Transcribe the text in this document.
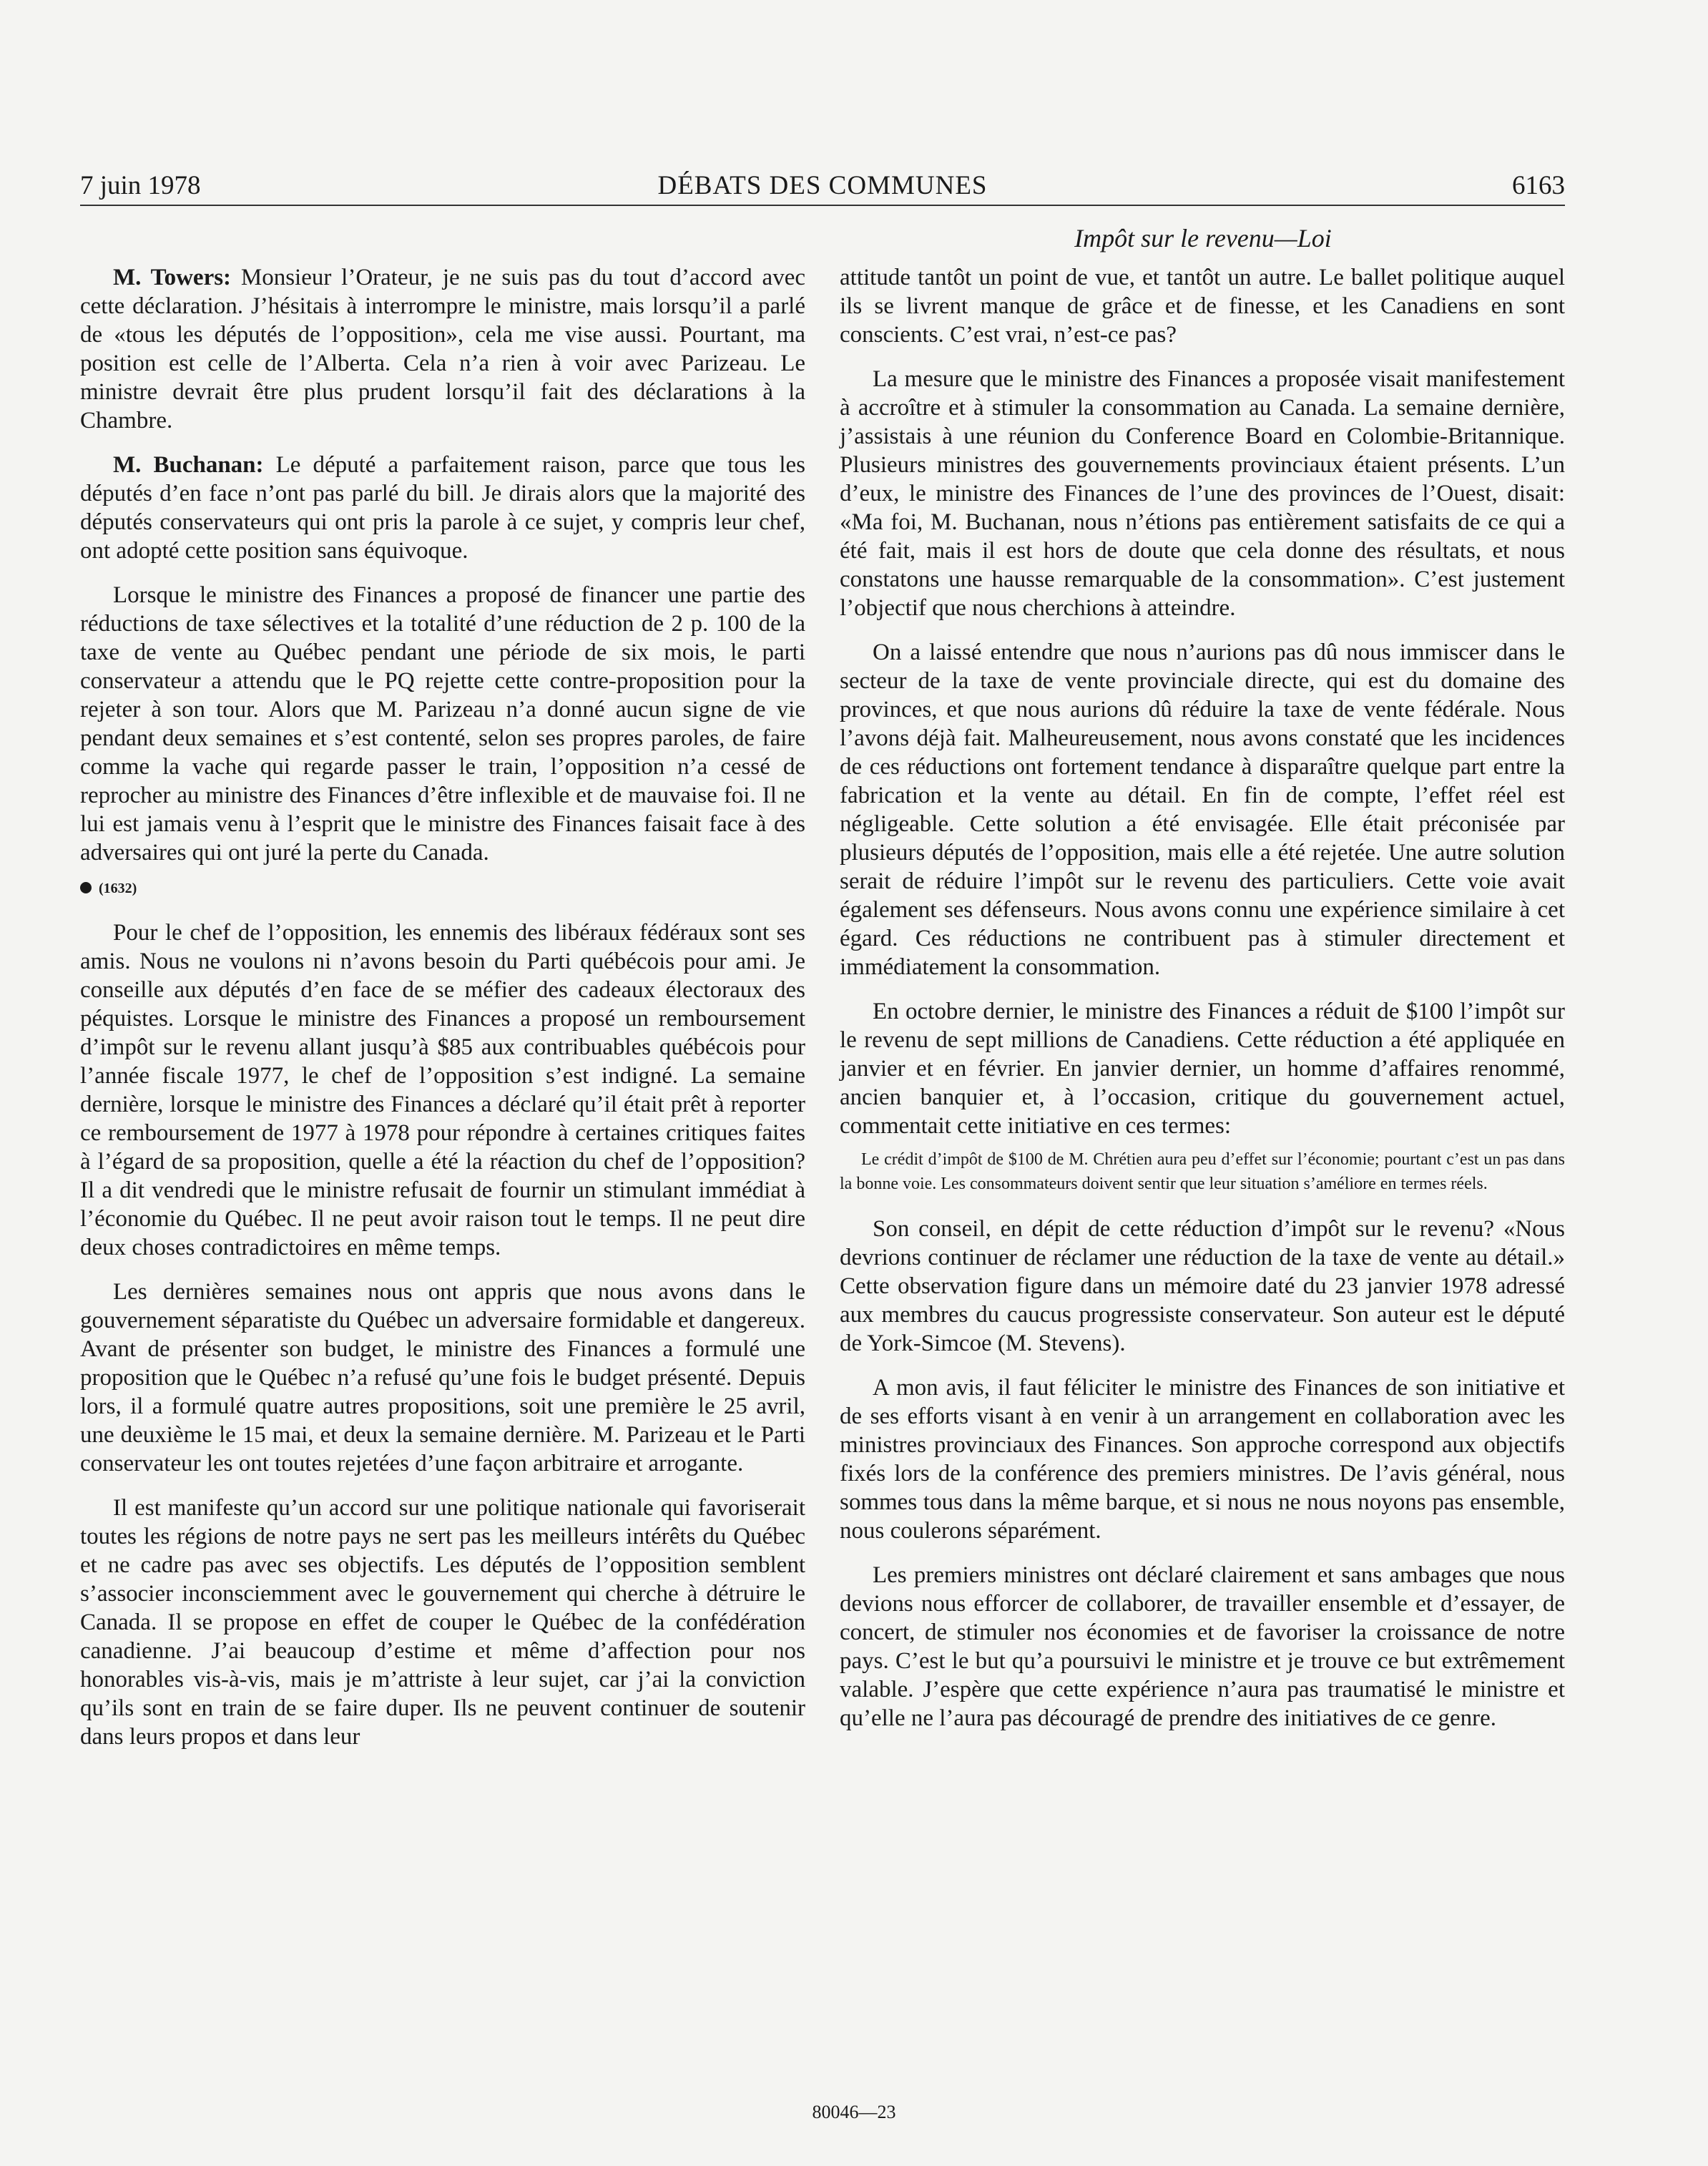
7 juin 1978	DÉBATS DES COMMUNES	6163
Impôt sur le revenu—Loi

M. Towers: Monsieur l’Orateur, je ne suis pas du tout d’accord avec cette déclaration. J’hésitais à interrompre le ministre, mais lorsqu’il a parlé de «tous les députés de l’opposition», cela me vise aussi. Pourtant, ma position est celle de l’Alberta. Cela n’a rien à voir avec Parizeau. Le ministre devrait être plus prudent lorsqu’il fait des déclarations à la Chambre.

M. Buchanan: Le député a parfaitement raison, parce que tous les députés d’en face n’ont pas parlé du bill. Je dirais alors que la majorité des députés conservateurs qui ont pris la parole à ce sujet, y compris leur chef, ont adopté cette position sans équivoque.

Lorsque le ministre des Finances a proposé de financer une partie des réductions de taxe sélectives et la totalité d’une réduction de 2 p. 100 de la taxe de vente au Québec pendant une période de six mois, le parti conservateur a attendu que le PQ rejette cette contre-proposition pour la rejeter à son tour. Alors que M. Parizeau n’a donné aucun signe de vie pendant deux semaines et s’est contenté, selon ses propres paroles, de faire comme la vache qui regarde passer le train, l’opposition n’a cessé de reprocher au ministre des Finances d’être inflexible et de mauvaise foi. Il ne lui est jamais venu à l’esprit que le ministre des Finances faisait face à des adversaires qui ont juré la perte du Canada.

(1632)

Pour le chef de l’opposition, les ennemis des libéraux fédéraux sont ses amis. Nous ne voulons ni n’avons besoin du Parti québécois pour ami. Je conseille aux députés d’en face de se méfier des cadeaux électoraux des péquistes. Lorsque le ministre des Finances a proposé un remboursement d’impôt sur le revenu allant jusqu’à $85 aux contribuables québécois pour l’année fiscale 1977, le chef de l’opposition s’est indigné. La semaine dernière, lorsque le ministre des Finances a déclaré qu’il était prêt à reporter ce remboursement de 1977 à 1978 pour répondre à certaines critiques faites à l’égard de sa proposition, quelle a été la réaction du chef de l’opposition? Il a dit vendredi que le ministre refusait de fournir un stimulant immédiat à l’économie du Québec. Il ne peut avoir raison tout le temps. Il ne peut dire deux choses contradictoires en même temps.

Les dernières semaines nous ont appris que nous avons dans le gouvernement séparatiste du Québec un adversaire formidable et dangereux. Avant de présenter son budget, le ministre des Finances a formulé une proposition que le Québec n’a refusé qu’une fois le budget présenté. Depuis lors, il a formulé quatre autres propositions, soit une première le 25 avril, une deuxième le 15 mai, et deux la semaine dernière. M. Parizeau et le Parti conservateur les ont toutes rejetées d’une façon arbitraire et arrogante.

Il est manifeste qu’un accord sur une politique nationale qui favoriserait toutes les régions de notre pays ne sert pas les meilleurs intérêts du Québec et ne cadre pas avec ses objectifs. Les députés de l’opposition semblent s’associer inconsciemment avec le gouvernement qui cherche à détruire le Canada. Il se propose en effet de couper le Québec de la confédération canadienne. J’ai beaucoup d’estime et même d’affection pour nos honorables vis-à-vis, mais je m’attriste à leur sujet, car j’ai la conviction qu’ils sont en train de se faire duper. Ils ne peuvent continuer de soutenir dans leurs propos et dans leur

attitude tantôt un point de vue, et tantôt un autre. Le ballet politique auquel ils se livrent manque de grâce et de finesse, et les Canadiens en sont conscients. C’est vrai, n’est-ce pas?

La mesure que le ministre des Finances a proposée visait manifestement à accroître et à stimuler la consommation au Canada. La semaine dernière, j’assistais à une réunion du Conference Board en Colombie-Britannique. Plusieurs ministres des gouvernements provinciaux étaient présents. L’un d’eux, le ministre des Finances de l’une des provinces de l’Ouest, disait: «Ma foi, M. Buchanan, nous n’étions pas entièrement satisfaits de ce qui a été fait, mais il est hors de doute que cela donne des résultats, et nous constatons une hausse remarquable de la consommation». C’est justement l’objectif que nous cherchions à atteindre.

On a laissé entendre que nous n’aurions pas dû nous immiscer dans le secteur de la taxe de vente provinciale directe, qui est du domaine des provinces, et que nous aurions dû réduire la taxe de vente fédérale. Nous l’avons déjà fait. Malheureusement, nous avons constaté que les incidences de ces réductions ont fortement tendance à disparaître quelque part entre la fabrication et la vente au détail. En fin de compte, l’effet réel est négligeable. Cette solution a été envisagée. Elle était préconisée par plusieurs députés de l’opposition, mais elle a été rejetée. Une autre solution serait de réduire l’impôt sur le revenu des particuliers. Cette voie avait également ses défenseurs. Nous avons connu une expérience similaire à cet égard. Ces réductions ne contribuent pas à stimuler directement et immédiatement la consommation.

En octobre dernier, le ministre des Finances a réduit de $100 l’impôt sur le revenu de sept millions de Canadiens. Cette réduction a été appliquée en janvier et en février. En janvier dernier, un homme d’affaires renommé, ancien banquier et, à l’occasion, critique du gouvernement actuel, commentait cette initiative en ces termes:

Le crédit d’impôt de $100 de M. Chrétien aura peu d’effet sur l’économie; pourtant c’est un pas dans la bonne voie. Les consommateurs doivent sentir que leur situation s’améliore en termes réels.

Son conseil, en dépit de cette réduction d’impôt sur le revenu? «Nous devrions continuer de réclamer une réduction de la taxe de vente au détail.» Cette observation figure dans un mémoire daté du 23 janvier 1978 adressé aux membres du caucus progressiste conservateur. Son auteur est le député de York-Simcoe (M. Stevens).

A mon avis, il faut féliciter le ministre des Finances de son initiative et de ses efforts visant à en venir à un arrangement en collaboration avec les ministres provinciaux des Finances. Son approche correspond aux objectifs fixés lors de la conférence des premiers ministres. De l’avis général, nous sommes tous dans la même barque, et si nous ne nous noyons pas ensemble, nous coulerons séparément.

Les premiers ministres ont déclaré clairement et sans ambages que nous devions nous efforcer de collaborer, de travailler ensemble et d’essayer, de concert, de stimuler nos économies et de favoriser la croissance de notre pays. C’est le but qu’a poursuivi le ministre et je trouve ce but extrêmement valable. J’espère que cette expérience n’aura pas traumatisé le ministre et qu’elle ne l’aura pas découragé de prendre des initiatives de ce genre.

80046—23
